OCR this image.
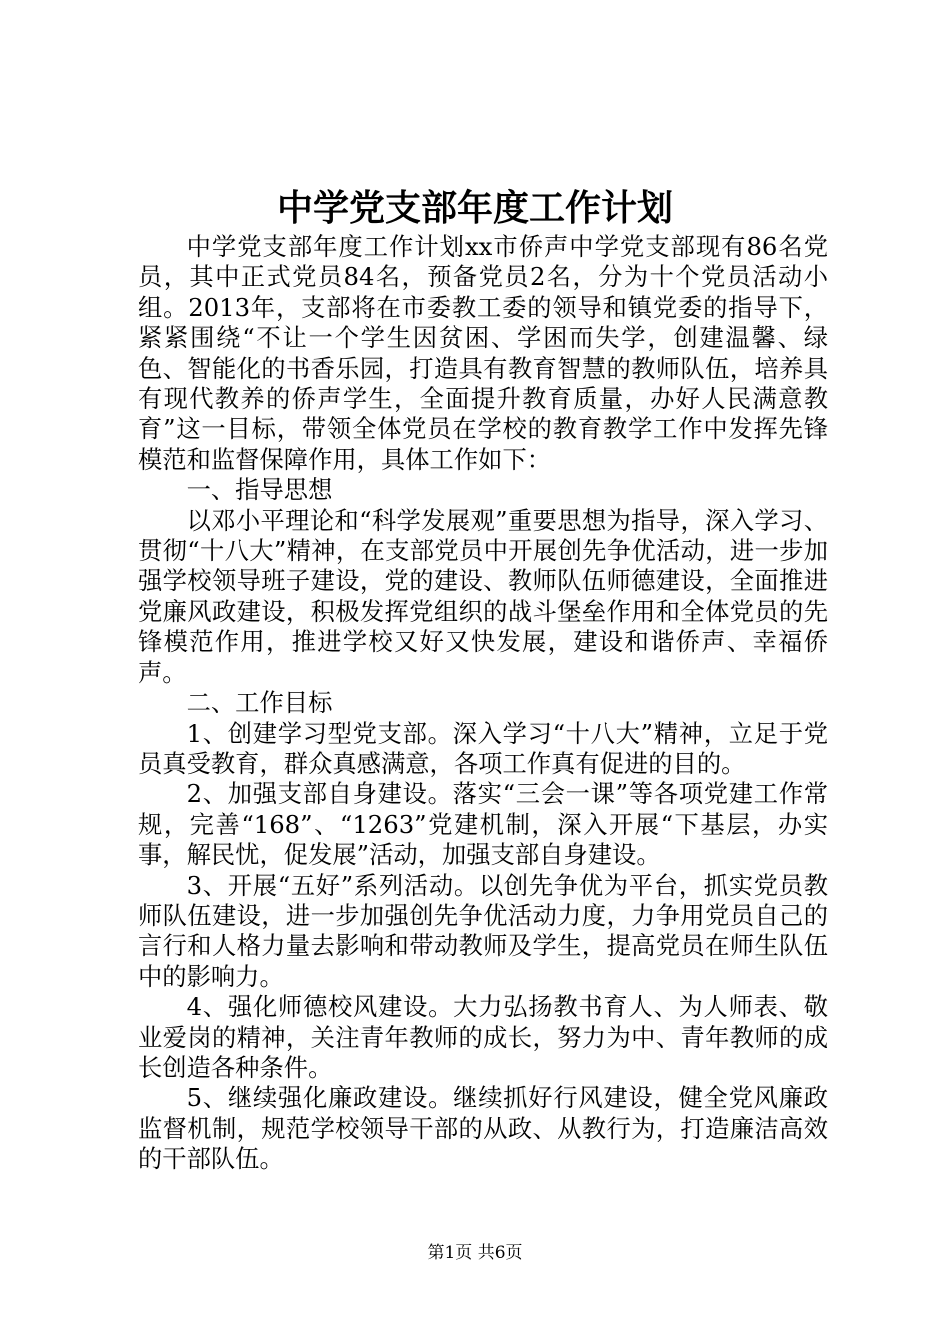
中学党支部年度工作计划

中学党支部年度工作计划xx市侨声中学党支部现有86名党员，其中正式党员84名，预备党员2名，分为十个党员活动小组。2013年，支部将在市委教工委的领导和镇党委的指导下，紧紧围绕“不让一个学生因贫困、学困而失学，创建温馨、绿色、智能化的书香乐园，打造具有教育智慧的教师队伍，培养具有现代教养的侨声学生，全面提升教育质量，办好人民满意教育”这一目标，带领全体党员在学校的教育教学工作中发挥先锋模范和监督保障作用，具体工作如下：

一、指导思想

以邓小平理论和“科学发展观”重要思想为指导，深入学习、贯彻“十八大”精神，在支部党员中开展创先争优活动，进一步加强学校领导班子建设，党的建设、教师队伍师德建设，全面推进党廉风政建设，积极发挥党组织的战斗堡垒作用和全体党员的先锋模范作用，推进学校又好又快发展，建设和谐侨声、幸福侨声。

二、工作目标

1、创建学习型党支部。深入学习“十八大”精神，立足于党员真受教育，群众真感满意，各项工作真有促进的目的。

2、加强支部自身建设。落实“三会一课”等各项党建工作常规，完善“168”、“1263”党建机制，深入开展“下基层，办实事，解民忧，促发展”活动，加强支部自身建设。

3、开展“五好”系列活动。以创先争优为平台，抓实党员教师队伍建设，进一步加强创先争优活动力度，力争用党员自己的言行和人格力量去影响和带动教师及学生，提高党员在师生队伍中的影响力。

4、强化师德校风建设。大力弘扬教书育人、为人师表、敬业爱岗的精神，关注青年教师的成长，努力为中、青年教师的成长创造各种条件。

5、继续强化廉政建设。继续抓好行风建设，健全党风廉政监督机制，规范学校领导干部的从政、从教行为，打造廉洁高效的干部队伍。

第1页 共6页
